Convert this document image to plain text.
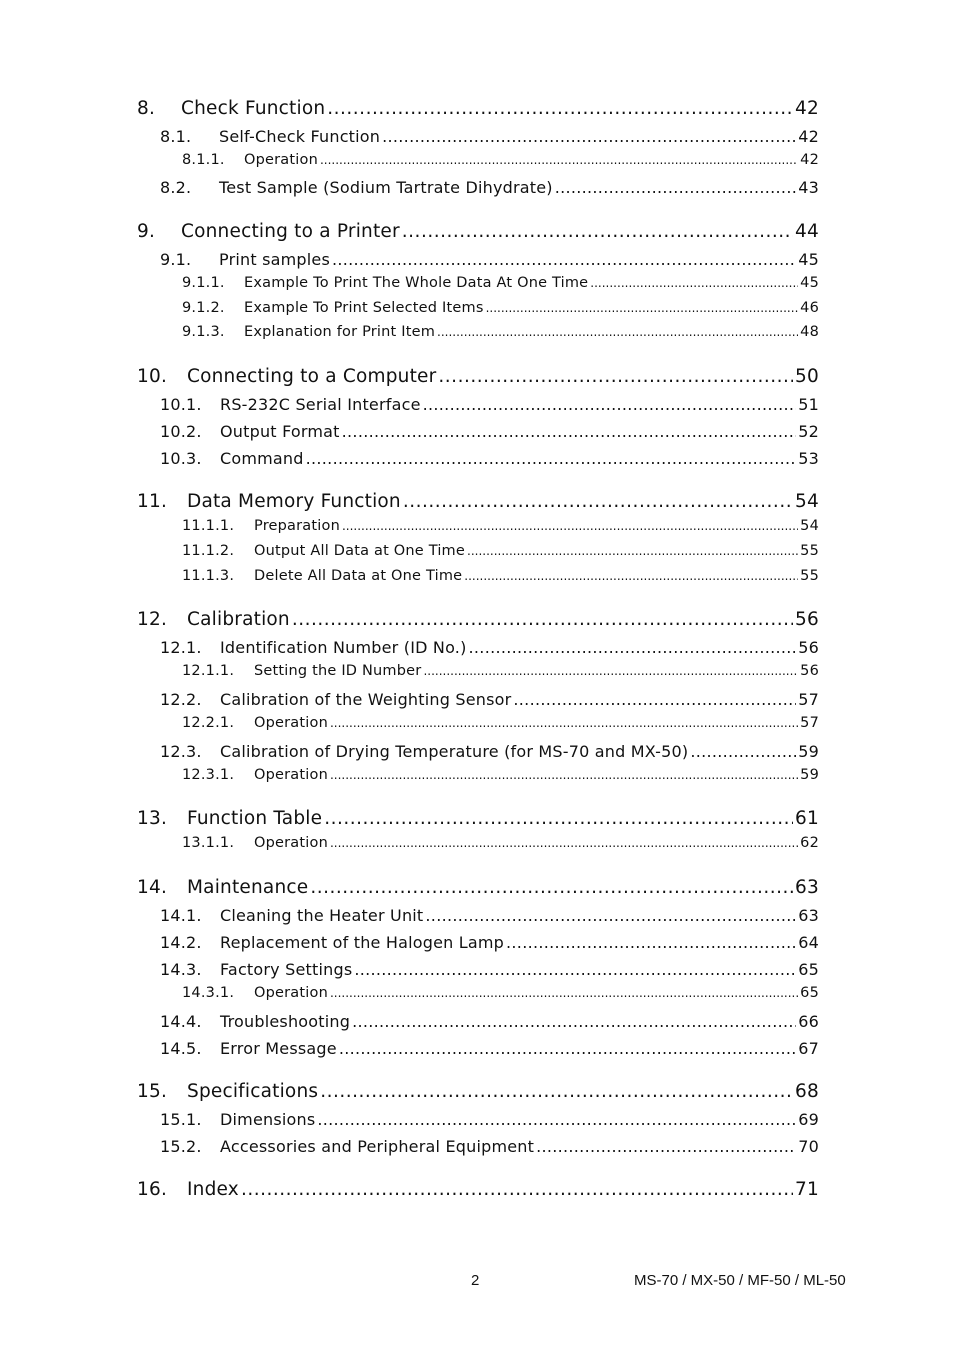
8.	Check Function .....	42
8.1.	Self-Check Function .....	42
8.1.1.	Operation .....	42
8.2.	Test Sample (Sodium Tartrate Dihydrate) .....	43
9.	Connecting to a Printer .....	44
9.1.	Print samples .....	45
9.1.1.	Example To Print The Whole Data At One Time .....	45
9.1.2.	Example To Print Selected Items .....	46
9.1.3.	Explanation for Print Item .....	48
10.	Connecting to a Computer .....	50
10.1.	RS-232C Serial Interface .....	51
10.2.	Output Format .....	52
10.3.	Command .....	53
11.	Data Memory Function .....	54
11.1.1.	Preparation .....	54
11.1.2.	Output All Data at One Time .....	55
11.1.3.	Delete All Data at One Time .....	55
12.	Calibration .....	56
12.1.	Identification Number (ID No.) .....	56
12.1.1.	Setting the ID Number .....	56
12.2.	Calibration of the Weighting Sensor .....	57
12.2.1.	Operation .....	57
12.3.	Calibration of Drying Temperature (for MS-70 and MX-50) .....	59
12.3.1.	Operation .....	59
13.	Function Table .....	61
13.1.1.	Operation .....	62
14.	Maintenance .....	63
14.1.	Cleaning the Heater Unit .....	63
14.2.	Replacement of the Halogen Lamp .....	64
14.3.	Factory Settings .....	65
14.3.1.	Operation .....	65
14.4.	Troubleshooting .....	66
14.5.	Error Message .....	67
15.	Specifications .....	68
15.1.	Dimensions .....	69
15.2.	Accessories and Peripheral Equipment .....	70
16.	Index .....	71
2	MS-70 / MX-50 / MF-50 / ML-50
